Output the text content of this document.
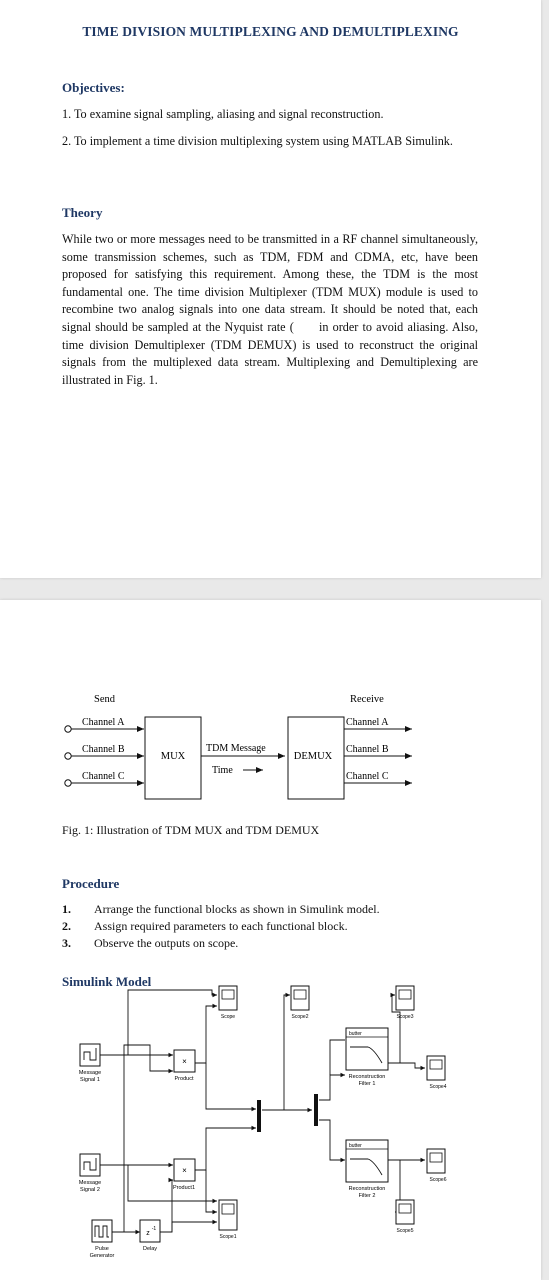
TIME DIVISION MULTIPLEXING AND DEMULTIPLEXING
Objectives:
1. To examine signal sampling, aliasing and signal reconstruction.
2. To implement a time division multiplexing system using MATLAB Simulink.
Theory
While two or more messages need to be transmitted in a RF channel simultaneously, some transmission schemes, such as TDM, FDM and CDMA, etc, have been proposed for satisfying this requirement. Among these, the TDM is the most fundamental one. The time division Multiplexer (TDM MUX) module is used to recombine two analog signals into one data stream. It should be noted that, each signal should be sampled at the Nyquist rate (      in order to avoid aliasing. Also, time division Demultiplexer (TDM DEMUX) is used to reconstruct the original signals from the multiplexed data stream. Multiplexing and Demultiplexing are illustrated in Fig. 1.
Send	Receive
Channel A
Channel B
Channel C
MUX
TDM Message
Time
DEMUX
Channel A
Channel B
Channel C
Fig. 1: Illustration of TDM MUX and TDM DEMUX
Procedure
1. Arrange the functional blocks as shown in Simulink model.
2. Assign required parameters to each functional block.
3. Observe the outputs on scope.
Simulink Model
Message
Signal 1
Message
Signal 2
Pulse
Generator
z
-1
Delay
×
Product
×
Product1
Scope	Scope2	Scope3
Scope4
Scope6
Scope1
Scope5
butter
Reconstruction
Filter 1
butter
Reconstruction
Filter 2
